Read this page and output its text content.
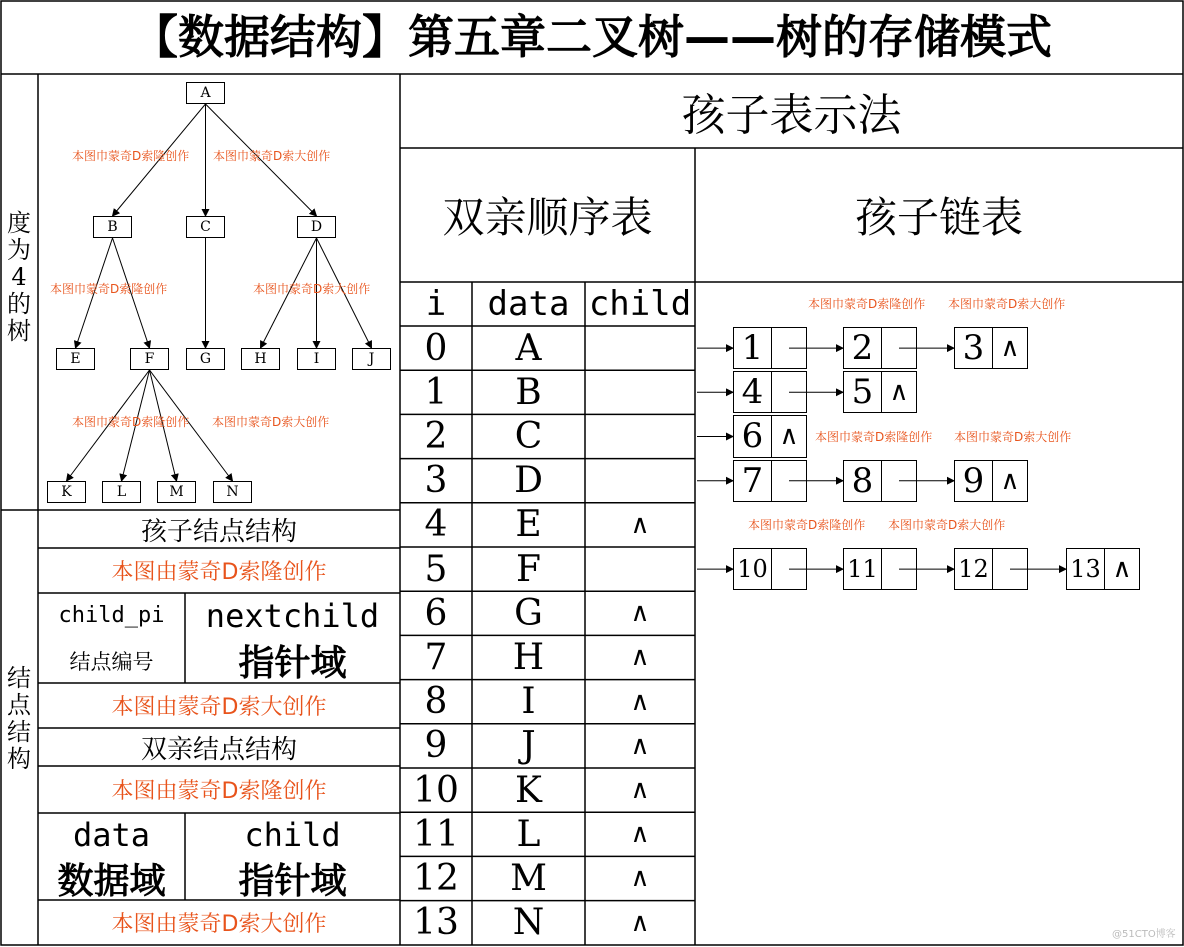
【数据结构】第五章二叉树——树的存储模式
度为4的树
结点结构
A
B	C	D
E	F	G	H	I	J
K	L	M	N
本图巾蒙奇D索隆创作 本图巾蒙奇D索大创作
本图巾蒙奇D索隆创作	本图巾蒙奇D索大创作
本图巾蒙奇D索隆创作 本图巾蒙奇D索大创作
孩子结点结构
本图由蒙奇D索隆创作
child_pi	nextchild
结点编号	指针域
本图由蒙奇D索大创作
双亲结点结构
本图由蒙奇D索隆创作
data	child
数据域	指针域
本图由蒙奇D索大创作
孩子表示法
双亲顺序表	孩子链表
i	data child
0	A
1	B
2	C
3	D
4	E	∧
5	F
6	G	∧
7	H	∧
8	I	∧
9	J	∧
10	K	∧
11	L	∧
12	M	∧
13	N	∧
1	2	3 ∧
4	5 ∧
6 ∧
7	8	9 ∧
10	11	12	13 ∧
本图巾蒙奇D索隆创作 本图巾蒙奇D索大创作
本图巾蒙奇D索隆创作 本图巾蒙奇D索大创作
本图巾蒙奇D索隆创作 本图巾蒙奇D索大创作
@51CTO博客
